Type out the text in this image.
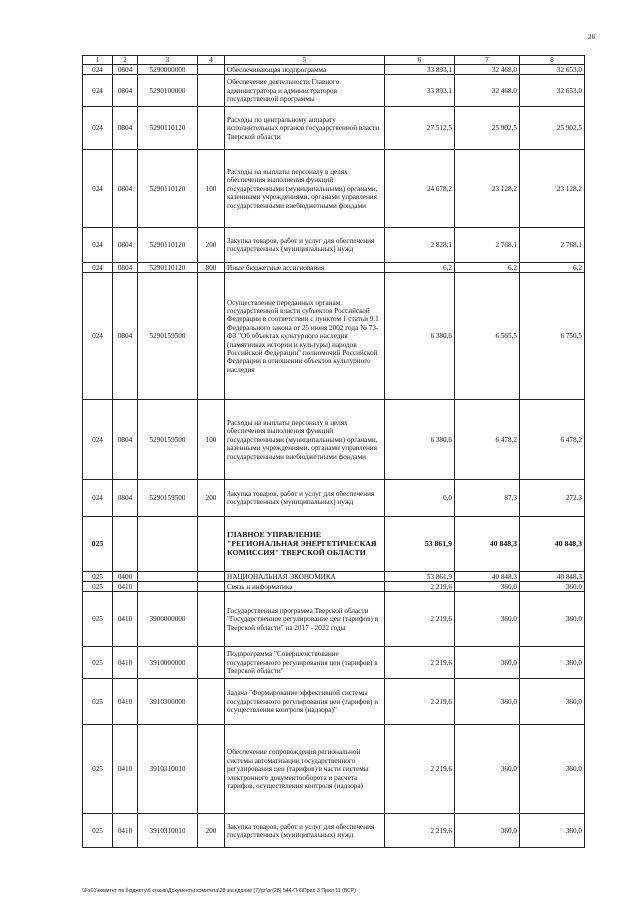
26
1	2	3	4	5	6	7	8
024	0804	5290000000		Обеспечивающая подпрограмма	33 893,1	32 468,0	32 653,0
024	0804	5290100000		Обеспечение деятельности Главного администратора и администраторов государственной программы	33 893,1	32 468,0	32 653,0
024	0804	5290110120		Расходы по центральному аппарату исполнительных органов государственной власти Тверской области	27 512,5	25 902,5	25 902,5
024	0804	5290110120	100	Расходы на выплаты персоналу в целях обеспечения выполнения функций государственными (муниципальными) органами, казенными учреждениями, органами управления государственными внебюджетными фондами	24 678,2	23 128,2	23 128,2
024	0804	5290110120	200	Закупка товаров, работ и услуг для обеспечения государственных (муниципальных) нужд	2 828,1	2 768,1	2 768,1
024	0804	5290110120	800	Иные бюджетные ассигнования	6,2	6,2	6,2
024	0804	5290159500		Осуществление переданных органам государственной власти субъектов Российской Федерации в соответствии с пунктом 1 статьи 9.1 Федерального закона от 25 июня 2002 года № 73-ФЗ "Об объектах культурного наследия (памятниках истории и культуры) народов Российской Федерации" полномочий Российской Федерации в отношении объектов культурного наследия	6 380,6	6 565,5	6 750,5
024	0804	5290159500	100	Расходы на выплаты персоналу в целях обеспечения выполнения функций государственными (муниципальными) органами, казенными учреждениями, органами управления государственными внебюджетными фондами	6 380,6	6 478,2	6 478,2
024	0804	5290159500	200	Закупка товаров, работ и услуг для обеспечения государственных (муниципальных) нужд	0,0	87,3	272,3
025				ГЛАВНОЕ УПРАВЛЕНИЕ "РЕГИОНАЛЬНАЯ ЭНЕРГЕТИЧЕСКАЯ КОМИССИЯ" ТВЕРСКОЙ ОБЛАСТИ	53 861,9	40 848,3	40 848,3
025	0400			НАЦИОНАЛЬНАЯ ЭКОНОМИКА	53 861,9	40 848,3	40 848,3
025	0410			Связь и информатика	2 219,6	360,0	360,0
025	0410	3900000000		Государственная программа Тверской области "Государственное регулирование цен (тарифов) в Тверской области" на 2017 - 2022 годы	2 219,6	360,0	360,0
025	0410	3910000000		Подпрограмма "Совершенствование государственного регулирования цен (тарифов) в Тверской области"	2 219,6	360,0	360,0
025	0410	3910300000		Задача "Формирование эффективной системы государственного регулирования цен (тарифов) и осуществления контроля (надзора)"	2 219,6	360,0	360,0
025	0410	3910310010		Обеспечение сопровождения региональной системы автоматизации государственного регулирования цен (тарифов) в части системы электронного документооборота и расчета тарифов, осуществления контроля (надзора)	2 219,6	360,0	360,0
025	0410	3910310010	200	Закупка товаров, работ и услуг для обеспечения государственных (муниципальных) нужд	2 219,6	360,0	360,0
\\Fs01\комитет по бюджету\6 созыв\Документы комитета\28 заседание (7)\рг\рг(28) 544-П-6\Прил 3 Прил 11 (ВСР)
